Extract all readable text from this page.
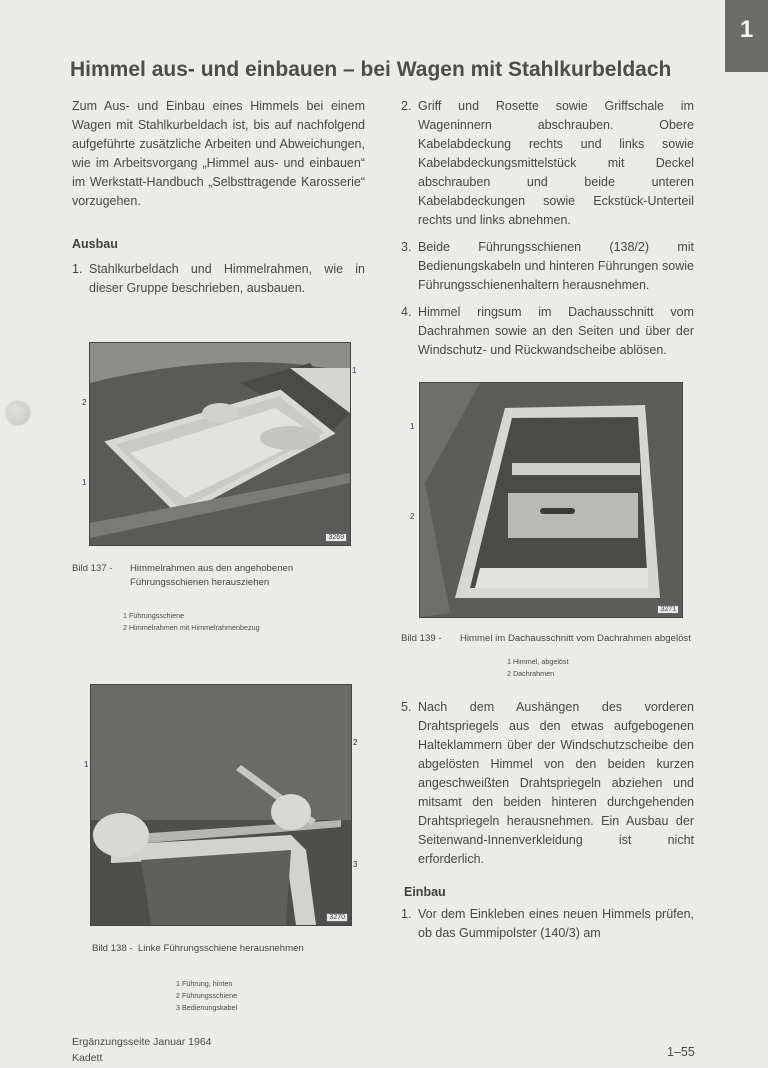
1
Himmel aus- und einbauen – bei Wagen mit Stahlkurbeldach

Zum Aus- und Einbau eines Himmels bei einem Wagen mit Stahlkurbeldach ist, bis auf nachfolgend aufgeführte zusätzliche Arbeiten und Abweichungen, wie im Arbeitsvorgang „Himmel aus- und einbauen“ im Werkstatt-Handbuch „Selbsttragende Karosserie“ vorzugehen.

Ausbau
1. Stahlkurbeldach und Himmelrahmen, wie in dieser Gruppe beschrieben, ausbauen.
3269
1
2
1
Bild 137 -	Himmelrahmen aus den angehobenen Führungsschienen herausziehen
1 Führungsschiene
2 Himmelrahmen mit Himmelrahmenbezug
3270
1
2
3
Bild 138 - Linke Führungsschiene herausnehmen
1 Führung, hinten
2 Führungsschiene
3 Bedienungskabel
Ergänzungsseite Januar 1964
Kadett
2. Griff und Rosette sowie Griffschale im Wageninnern abschrauben. Obere Kabelabdeckung rechts und links sowie Kabelabdeckungsmittelstück mit Deckel abschrauben und beide unteren Kabelabdeckungen sowie Eckstück-Unterteil rechts und links abnehmen.
3. Beide Führungsschienen (138/2) mit Bedienungskabeln und hinteren Führungen sowie Führungsschienenhaltern herausnehmen.
4. Himmel ringsum im Dachausschnitt vom Dachrahmen sowie an den Seiten und über der Windschutz- und Rückwandscheibe ablösen.
3271
1
2
Bild 139 -	Himmel im Dachausschnitt vom Dachrahmen abgelöst
1 Himmel, abgelöst
2 Dachrahmen
5. Nach dem Aushängen des vorderen Drahtspriegels aus den etwas aufgebogenen Halteklammern über der Windschutzscheibe den abgelösten Himmel von den beiden kurzen angeschweißten Drahtspriegeln abziehen und mitsamt den beiden hinteren durchgehenden Drahtspriegeln herausnehmen. Ein Ausbau der Seitenwand-Innenverkleidung ist nicht erforderlich.
Einbau
1. Vor dem Einkleben eines neuen Himmels prüfen, ob das Gummipolster (140/3) am
1–55
